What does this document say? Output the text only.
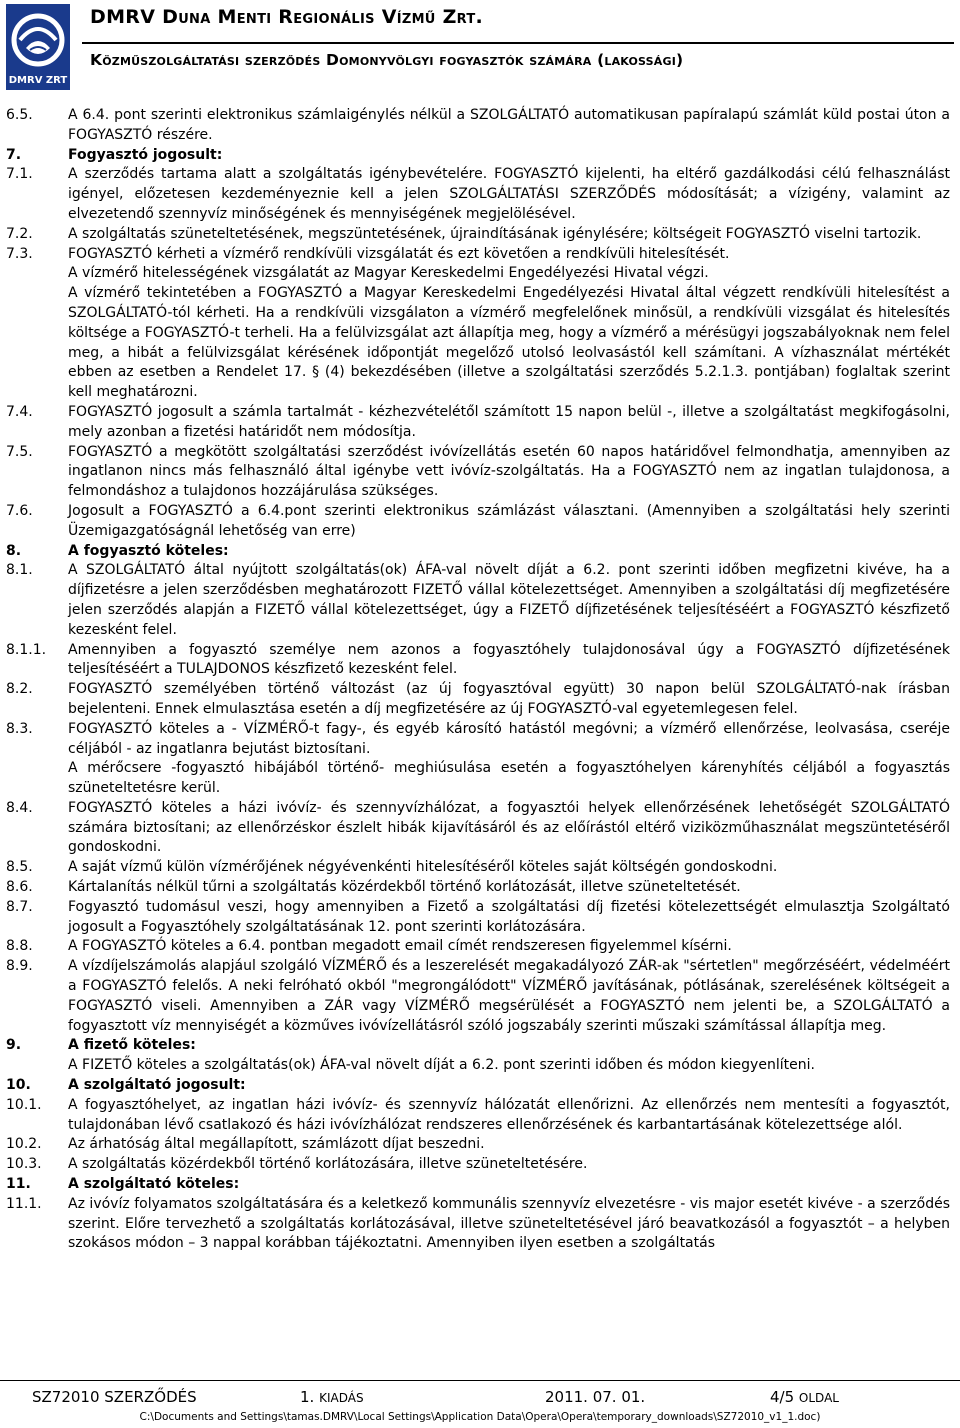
DMRV ZRT
DMRV Duna Menti Regionális Vízmű Zrt.
Közműszolgáltatási szerződés Domonyvölgyi fogyasztók számára (lakossági)
6.5.	A 6.4. pont szerinti elektronikus számlaigénylés nélkül a SZOLGÁLTATÓ automatikusan papíralapú számlát küld postai úton a FOGYASZTÓ részére.
7.	Fogyasztó jogosult:
7.1.	A szerződés tartama alatt a szolgáltatás igénybevételére. FOGYASZTÓ kijelenti, ha eltérő gazdálkodási célú felhasználást igényel, előzetesen kezdeményeznie kell a jelen SZOLGÁLTATÁSI SZERZŐDÉS módosítását; a vízigény, valamint az elvezetendő szennyvíz minőségének és mennyiségének megjelölésével.
7.2.	A szolgáltatás szüneteltetésének, megszüntetésének, újraindításának igénylésére; költségeit FOGYASZTÓ viselni tartozik.
7.3.	FOGYASZTÓ kérheti a vízmérő rendkívüli vizsgálatát és ezt követően a rendkívüli hitelesítését.
A vízmérő hitelességének vizsgálatát az Magyar Kereskedelmi Engedélyezési Hivatal végzi.
A vízmérő tekintetében a FOGYASZTÓ a Magyar Kereskedelmi Engedélyezési Hivatal által végzett rendkívüli hitelesítést a SZOLGÁLTATÓ-tól kérheti. Ha a rendkívüli vizsgálaton a vízmérő megfelelőnek minősül, a rendkívüli vizsgálat és hitelesítés költsége a FOGYASZTÓ-t terheli. Ha a felülvizsgálat azt állapítja meg, hogy a vízmérő a mérésügyi jogszabályoknak nem felel meg, a hibát a felülvizsgálat kérésének időpontját megelőző utolsó leolvasástól kell számítani. A vízhasználat mértékét ebben az esetben a Rendelet 17. § (4) bekezdésében (illetve a szolgáltatási szerződés 5.2.1.3. pontjában) foglaltak szerint kell meghatározni.
7.4.	FOGYASZTÓ jogosult a számla tartalmát - kézhezvételétől számított 15 napon belül -, illetve a szolgáltatást megkifogásolni, mely azonban a fizetési határidőt nem módosítja.
7.5.	FOGYASZTÓ a megkötött szolgáltatási szerződést ivóvízellátás esetén 60 napos határidővel felmondhatja, amennyiben az ingatlanon nincs más felhasználó által igénybe vett ivóvíz-szolgáltatás. Ha a FOGYASZTÓ nem az ingatlan tulajdonosa, a felmondáshoz a tulajdonos hozzájárulása szükséges.
7.6.	Jogosult a FOGYASZTÓ a 6.4.pont szerinti elektronikus számlázást választani. (Amennyiben a szolgáltatási hely szerinti Üzemigazgatóságnál lehetőség van erre)
8.	A fogyasztó köteles:
8.1.	A SZOLGÁLTATÓ által nyújtott szolgáltatás(ok) ÁFA-val növelt díját a 6.2. pont szerinti időben megfizetni kivéve, ha a díjfizetésre a jelen szerződésben meghatározott FIZETŐ vállal kötelezettséget. Amennyiben a szolgáltatási díj megfizetésére jelen szerződés alapján a FIZETŐ vállal kötelezettséget, úgy a FIZETŐ díjfizetésének teljesítéséért a FOGYASZTÓ készfizető kezesként felel.
8.1.1.	Amennyiben a fogyasztó személye nem azonos a fogyasztóhely tulajdonosával úgy a FOGYASZTÓ díjfizetésének teljesítéséért a TULAJDONOS készfizető kezesként felel.
8.2.	FOGYASZTÓ személyében történő változást (az új fogyasztóval együtt) 30 napon belül SZOLGÁLTATÓ-nak írásban bejelenteni. Ennek elmulasztása esetén a díj megfizetésére az új FOGYASZTÓ-val egyetemlegesen felel.
8.3.	FOGYASZTÓ köteles a - VÍZMÉRŐ-t fagy-, és egyéb károsító hatástól megóvni; a vízmérő ellenőrzése, leolvasása, cseréje céljából - az ingatlanra bejutást biztosítani.
A mérőcsere -fogyasztó hibájából történő- meghiúsulása esetén a fogyasztóhelyen kárenyhítés céljából a fogyasztás szüneteltetésre kerül.
8.4.	FOGYASZTÓ köteles a házi ivóvíz- és szennyvízhálózat, a fogyasztói helyek ellenőrzésének lehetőségét SZOLGÁLTATÓ számára biztosítani; az ellenőrzéskor észlelt hibák kijavításáról és az előírástól eltérő viziközműhasználat megszüntetéséről gondoskodni.
8.5.	A saját vízmű külön vízmérőjének négyévenkénti hitelesítéséről köteles saját költségén gondoskodni.
8.6.	Kártalanítás nélkül tűrni a szolgáltatás közérdekből történő korlátozását, illetve szüneteltetését.
8.7.	Fogyasztó tudomásul veszi, hogy amennyiben a Fizető a szolgáltatási díj fizetési kötelezettségét elmulasztja Szolgáltató jogosult a Fogyasztóhely szolgáltatásának 12. pont szerinti korlátozására.
8.8.	A FOGYASZTÓ köteles a 6.4. pontban megadott email címét rendszeresen figyelemmel kísérni.
8.9.	A vízdíjelszámolás alapjául szolgáló VÍZMÉRŐ és a leszerelését megakadályozó ZÁR-ak "sértetlen" megőrzéséért, védelméért a FOGYASZTÓ felelős. A neki felróható okból "megrongálódott" VÍZMÉRŐ javításának, pótlásának, szerelésének költségeit a FOGYASZTÓ viseli. Amennyiben a ZÁR vagy VÍZMÉRŐ megsérülését a FOGYASZTÓ nem jelenti be, a SZOLGÁLTATÓ a fogyasztott víz mennyiségét a közműves ivóvízellátásról szóló jogszabály szerinti műszaki számítással állapítja meg.
9.	A fizető köteles:
A FIZETŐ köteles a szolgáltatás(ok) ÁFA-val növelt díját a 6.2. pont szerinti időben és módon kiegyenlíteni.
10.	A szolgáltató jogosult:
10.1.	A fogyasztóhelyet, az ingatlan házi ivóvíz- és szennyvíz hálózatát ellenőrizni. Az ellenőrzés nem mentesíti a fogyasztót, tulajdonában lévő csatlakozó és házi ivóvízhálózat rendszeres ellenőrzésének és karbantartásának kötelezettsége alól.
10.2.	Az árhatóság által megállapított, számlázott díjat beszedni.
10.3.	A szolgáltatás közérdekből történő korlátozására, illetve szüneteltetésére.
11.	A szolgáltató köteles:
11.1.	Az ivóvíz folyamatos szolgáltatására és a keletkező kommunális szennyvíz elvezetésre - vis major esetét kivéve - a szerződés szerint. Előre tervezhető a szolgáltatás korlátozásával, illetve szüneteltetésével járó beavatkozásól a fogyasztót – a helyben szokásos módon – 3 nappal korábban tájékoztatni. Amennyiben ilyen esetben a szolgáltatás
SZ72010 SZERZŐDÉS	1. KIADÁS	2011. 07. 01.	4/5 OLDAL
C:\Documents and Settings\tamas.DMRV\Local Settings\Application Data\Opera\Opera\temporary_downloads\SZ72010_v1_1.doc)
